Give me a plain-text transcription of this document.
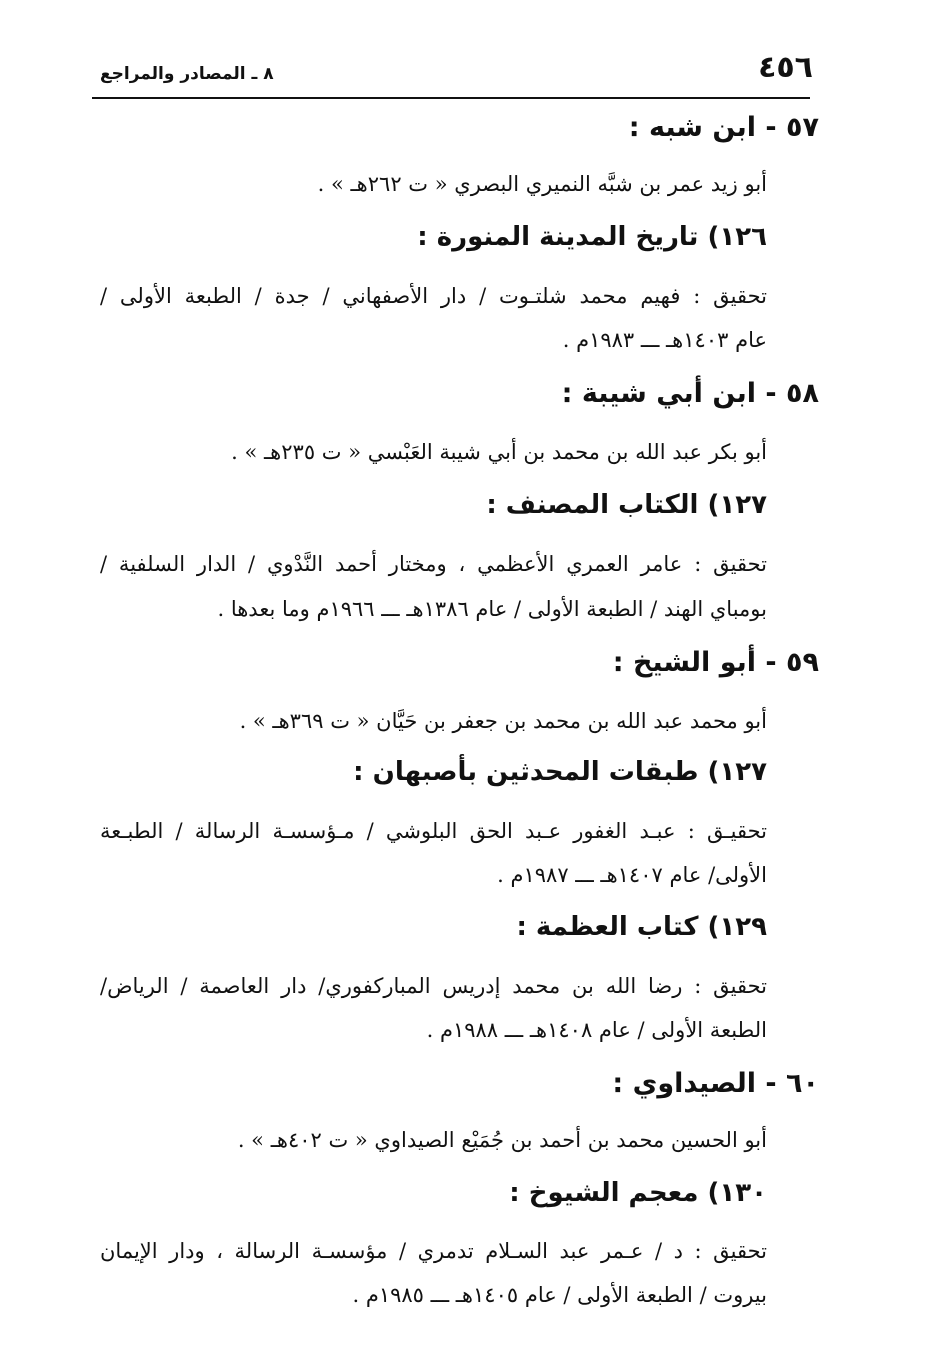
٤٥٦
٨ ـ المصادر والمراجع
٥٧ - ابن شبه :
أبو زيد عمر بن شبَّه النميري البصري « ت ٢٦٢هـ » .
١٢٦) تاريخ المدينة المنورة :
تحقيق : فهيم محمد شلتـوت / دار الأصفهاني / جدة / الطبعة الأولى /
عام ١٤٠٣هـ ـــ ١٩٨٣م .
٥٨ - ابن أبي شيبة :
أبو بكر عبد الله بن محمد بن أبي شيبة العَبْسي « ت ٢٣٥هـ » .
١٢٧) الكتاب المصنف :
تحقيق : عامر العمري الأعظمي ، ومختار أحمد النَّدْوي / الدار السلفية /
بومباي الهند / الطبعة الأولى / عام ١٣٨٦هـ ـــ ١٩٦٦م وما بعدها .
٥٩ - أبو الشيخ :
أبو محمد عبد الله بن محمد بن جعفر بن حَيَّان « ت ٣٦٩هـ » .
١٢٧) طبقات المحدثين بأصبهان :
تحقيـق : عبـد الغفور عـبد الحق البلوشي / مـؤسسـة الرسالة / الطبـعة
الأولى/ عام ١٤٠٧هـ ـــ ١٩٨٧م .
١٢٩) كتاب العظمة :
تحقيق : رضا الله بن محمد إدريس المباركفوري/ دار العاصمة / الرياض/
الطبعة الأولى / عام ١٤٠٨هـ ـــ ١٩٨٨م .
٦٠ - الصيداوي :
أبو الحسين محمد بن أحمد بن جُمَيْع الصيداوي « ت ٤٠٢هـ » .
١٣٠) معجم الشيوخ :
تحقيق : د / عـمر عبد السـلام تدمري / مؤسسـة الرسالة ، ودار الإيمان
بيروت / الطبعة الأولى / عام ١٤٠٥هـ ـــ ١٩٨٥م .
